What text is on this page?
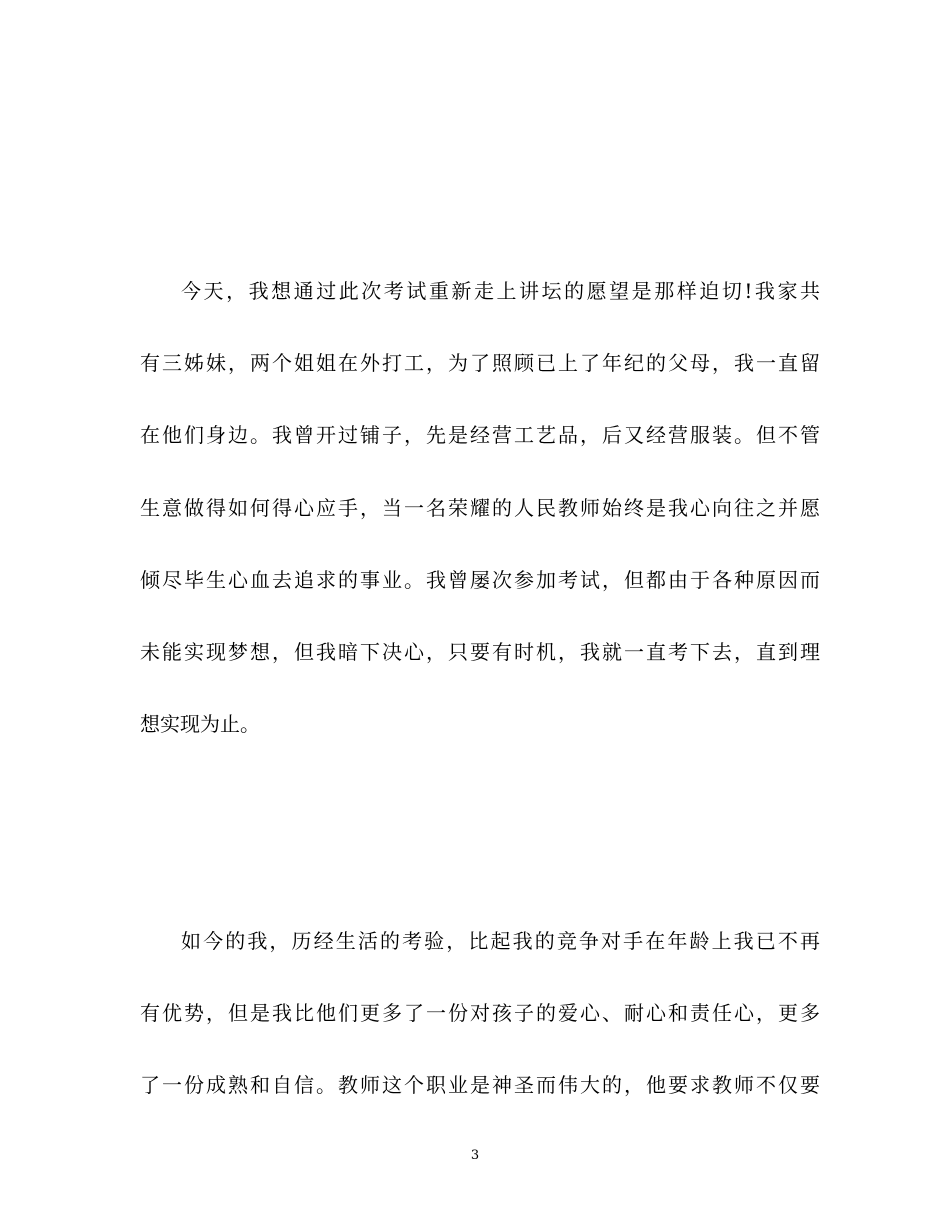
今天，我想通过此次考试重新走上讲坛的愿望是那样迫切!我家共
有三姊妹，两个姐姐在外打工，为了照顾已上了年纪的父母，我一直留
在他们身边。我曾开过铺子，先是经营工艺品，后又经营服装。但不管
生意做得如何得心应手，当一名荣耀的人民教师始终是我心向往之并愿
倾尽毕生心血去追求的事业。我曾屡次参加考试，但都由于各种原因而
未能实现梦想，但我暗下决心，只要有时机，我就一直考下去，直到理
想实现为止。
如今的我，历经生活的考验，比起我的竞争对手在年龄上我已不再
有优势，但是我比他们更多了一份对孩子的爱心、耐心和责任心，更多
了一份成熟和自信。教师这个职业是神圣而伟大的，他要求教师不仅要
3
